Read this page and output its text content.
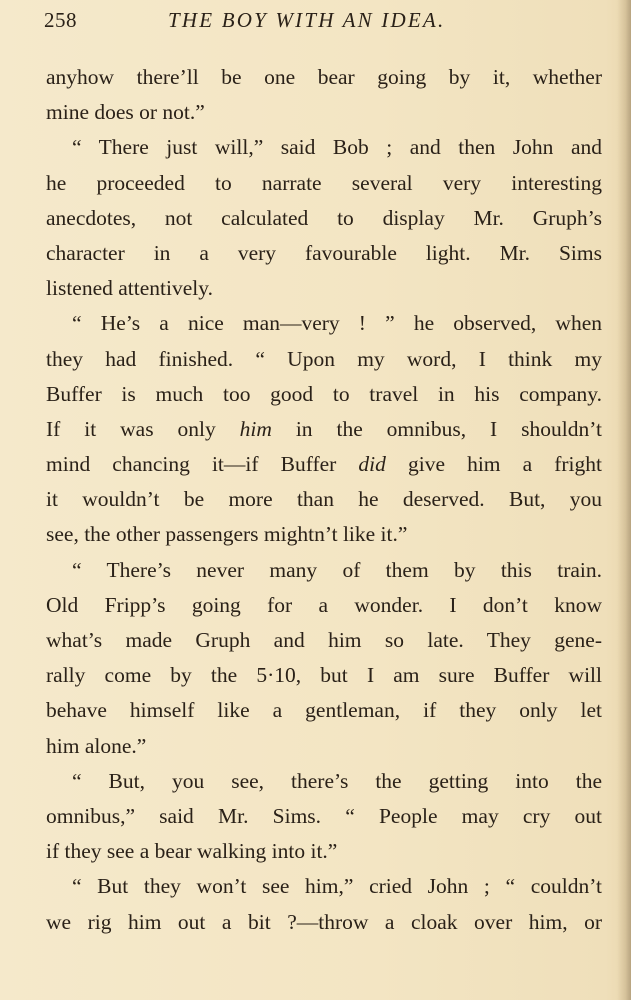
258	THE BOY WITH AN IDEA.
anyhow there’ll be one bear going by it, whether
mine does or not.”
“ There just will,” said Bob ; and then John and
he proceeded to narrate several very interesting
anecdotes, not calculated to display Mr. Gruph’s
character in a very favourable light. Mr. Sims
listened attentively.
“ He’s a nice man—very ! ” he observed, when
they had finished. “ Upon my word, I think my
Buffer is much too good to travel in his company.
If it was only him in the omnibus, I shouldn’t
mind chancing it—if Buffer did give him a fright
it wouldn’t be more than he deserved. But, you
see, the other passengers mightn’t like it.”
“ There’s never many of them by this train.
Old Fripp’s going for a wonder. I don’t know
what’s made Gruph and him so late. They gene-
rally come by the 5·10, but I am sure Buffer will
behave himself like a gentleman, if they only let
him alone.”
“ But, you see, there’s the getting into the
omnibus,” said Mr. Sims. “ People may cry out
if they see a bear walking into it.”
“ But they won’t see him,” cried John ; “ couldn’t
we rig him out a bit ?—throw a cloak over him, or
